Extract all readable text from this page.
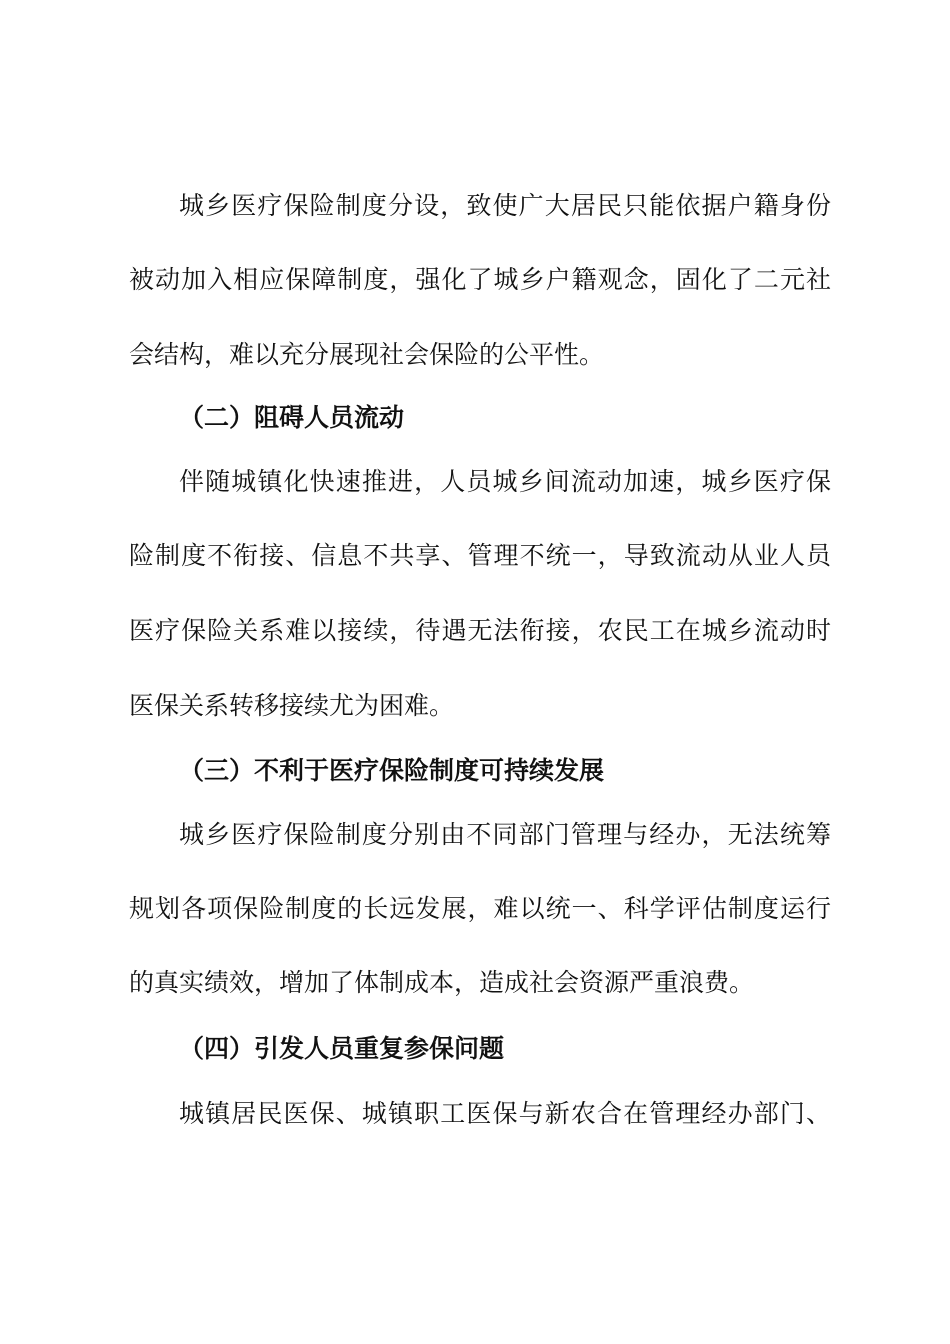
城乡医疗保险制度分设，致使广大居民只能依据户籍身份
被动加入相应保障制度，强化了城乡户籍观念，固化了二元社
会结构，难以充分展现社会保险的公平性。
（二）阻碍人员流动
伴随城镇化快速推进，人员城乡间流动加速，城乡医疗保
险制度不衔接、信息不共享、管理不统一，导致流动从业人员
医疗保险关系难以接续，待遇无法衔接，农民工在城乡流动时
医保关系转移接续尤为困难。
（三）不利于医疗保险制度可持续发展
城乡医疗保险制度分别由不同部门管理与经办，无法统筹
规划各项保险制度的长远发展，难以统一、科学评估制度运行
的真实绩效，增加了体制成本，造成社会资源严重浪费。
（四）引发人员重复参保问题
城镇居民医保、城镇职工医保与新农合在管理经办部门、
